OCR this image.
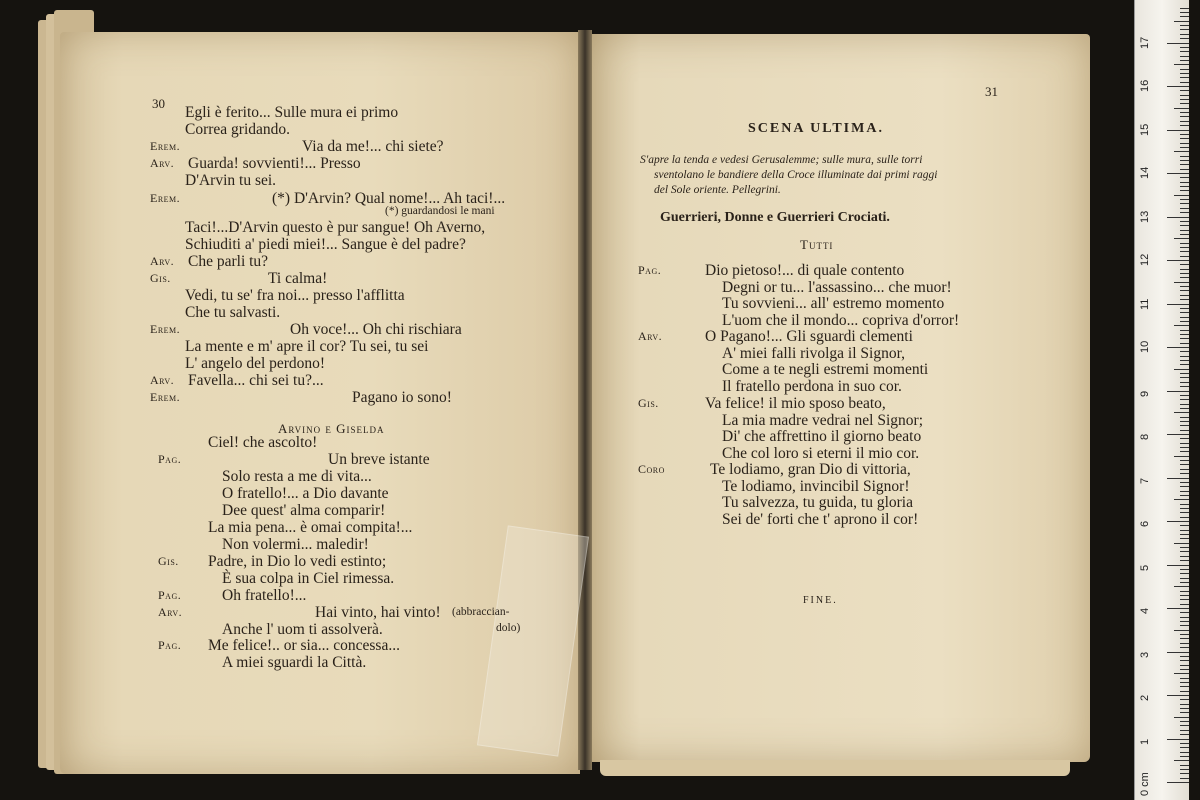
30
Egli è ferito... Sulle mura ei primo
Correa gridando.
Erem.	Via da me!... chi siete?
Arv. Guarda! sovvienti!... Presso
D'Arvin tu sei.
Erem.	(*) D'Arvin? Qual nome!... Ah taci!...
(*) guardandosi le mani
Taci!...D'Arvin questo è pur sangue! Oh Averno,
Schiuditi a' piedi miei!... Sangue è del padre?
Arv. Che parli tu?
Gis.	Ti calma!
Vedi, tu se' fra noi... presso l'afflitta
Che tu salvasti.
Erem.	Oh voce!... Oh chi rischiara
La mente e m' apre il cor? Tu sei, tu sei
L' angelo del perdono!
Arv. Favella... chi sei tu?...
Erem.	Pagano io sono!
Arvino e Giselda
Ciel! che ascolto!
Pag.	Un breve istante
Solo resta a me di vita...
O fratello!... a Dio davante
Dee quest' alma comparir!
La mia pena... è omai compita!...
Non volermi... maledir!
Gis. Padre, in Dio lo vedi estinto;
È sua colpa in Ciel rimessa.
Pag.	Oh fratello!...
Arv.	Hai vinto, hai vinto!
Anche l' uom ti assolverà.
Pag. Me felice!.. or sia... concessa...
A miei sguardi la Città.
(abbraccian-
dolo)
31
SCENA ULTIMA.
S'apre la tenda e vedesi Gerusalemme; sulle mura, sulle torri
sventolano le bandiere della Croce illuminate dai primi raggi
del Sole oriente. Pellegrini.
Guerrieri, Donne e Guerrieri Crociati.
Tutti
Pag.	Dio pietoso!... di quale contento
Degni or tu... l'assassino... che muor!
Tu sovvieni... all' estremo momento
L'uom che il mondo... copriva d'orror!
Arv.	O Pagano!... Gli sguardi clementi
A' miei falli rivolga il Signor,
Come a te negli estremi momenti
Il fratello perdona in suo cor.
Gis.	Va felice! il mio sposo beato,
La mia madre vedrai nel Signor;
Di' che affrettino il giorno beato
Che col loro si eterni il mio cor.
Coro	Te lodiamo, gran Dio di vittoria,
Te lodiamo, invincibil Signor!
Tu salvezza, tu guida, tu gloria
Sei de' forti che t' aprono il cor!
FINE.
0 cm
1
2
3
4
5
6
7
8
9
10
11
12
13
14
15
16
17
